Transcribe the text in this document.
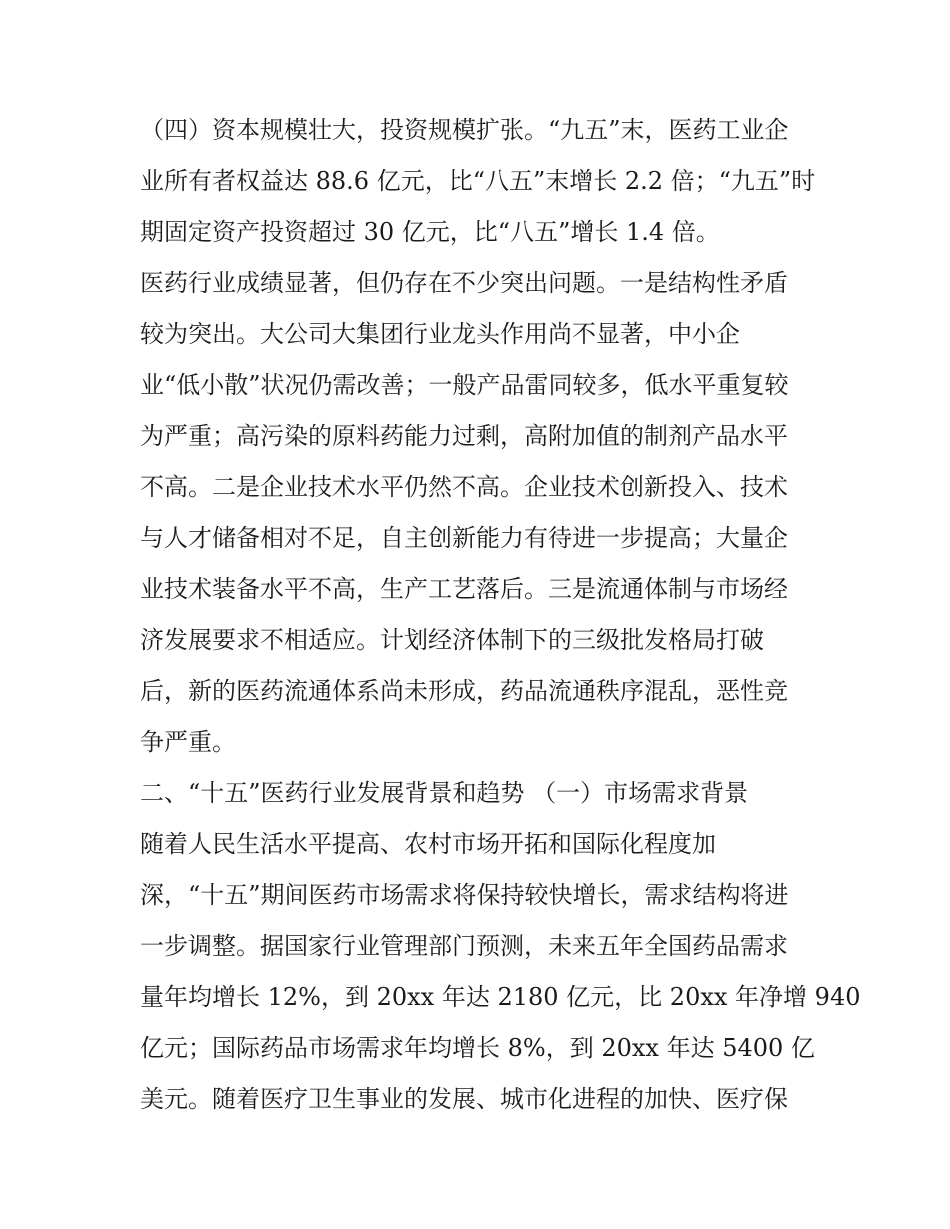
（四）资本规模壮大，投资规模扩张。“九五”末，医药工业企
业所有者权益达 88.6 亿元，比“八五”末增长 2.2 倍；“九五”时
期固定资产投资超过 30 亿元，比“八五”增长 1.4 倍。
医药行业成绩显著，但仍存在不少突出问题。一是结构性矛盾
较为突出。大公司大集团行业龙头作用尚不显著，中小企
业“低小散”状况仍需改善；一般产品雷同较多，低水平重复较
为严重；高污染的原料药能力过剩，高附加值的制剂产品水平
不高。二是企业技术水平仍然不高。企业技术创新投入、技术
与人才储备相对不足，自主创新能力有待进一步提高；大量企
业技术装备水平不高，生产工艺落后。三是流通体制与市场经
济发展要求不相适应。计划经济体制下的三级批发格局打破
后，新的医药流通体系尚未形成，药品流通秩序混乱，恶性竞
争严重。
二、“十五”医药行业发展背景和趋势 （一）市场需求背景
随着人民生活水平提高、农村市场开拓和国际化程度加
深，“十五”期间医药市场需求将保持较快增长，需求结构将进
一步调整。据国家行业管理部门预测，未来五年全国药品需求
量年均增长 12%，到 20xx 年达 2180 亿元，比 20xx 年净增 940
亿元；国际药品市场需求年均增长 8%，到 20xx 年达 5400 亿
美元。随着医疗卫生事业的发展、城市化进程的加快、医疗保
